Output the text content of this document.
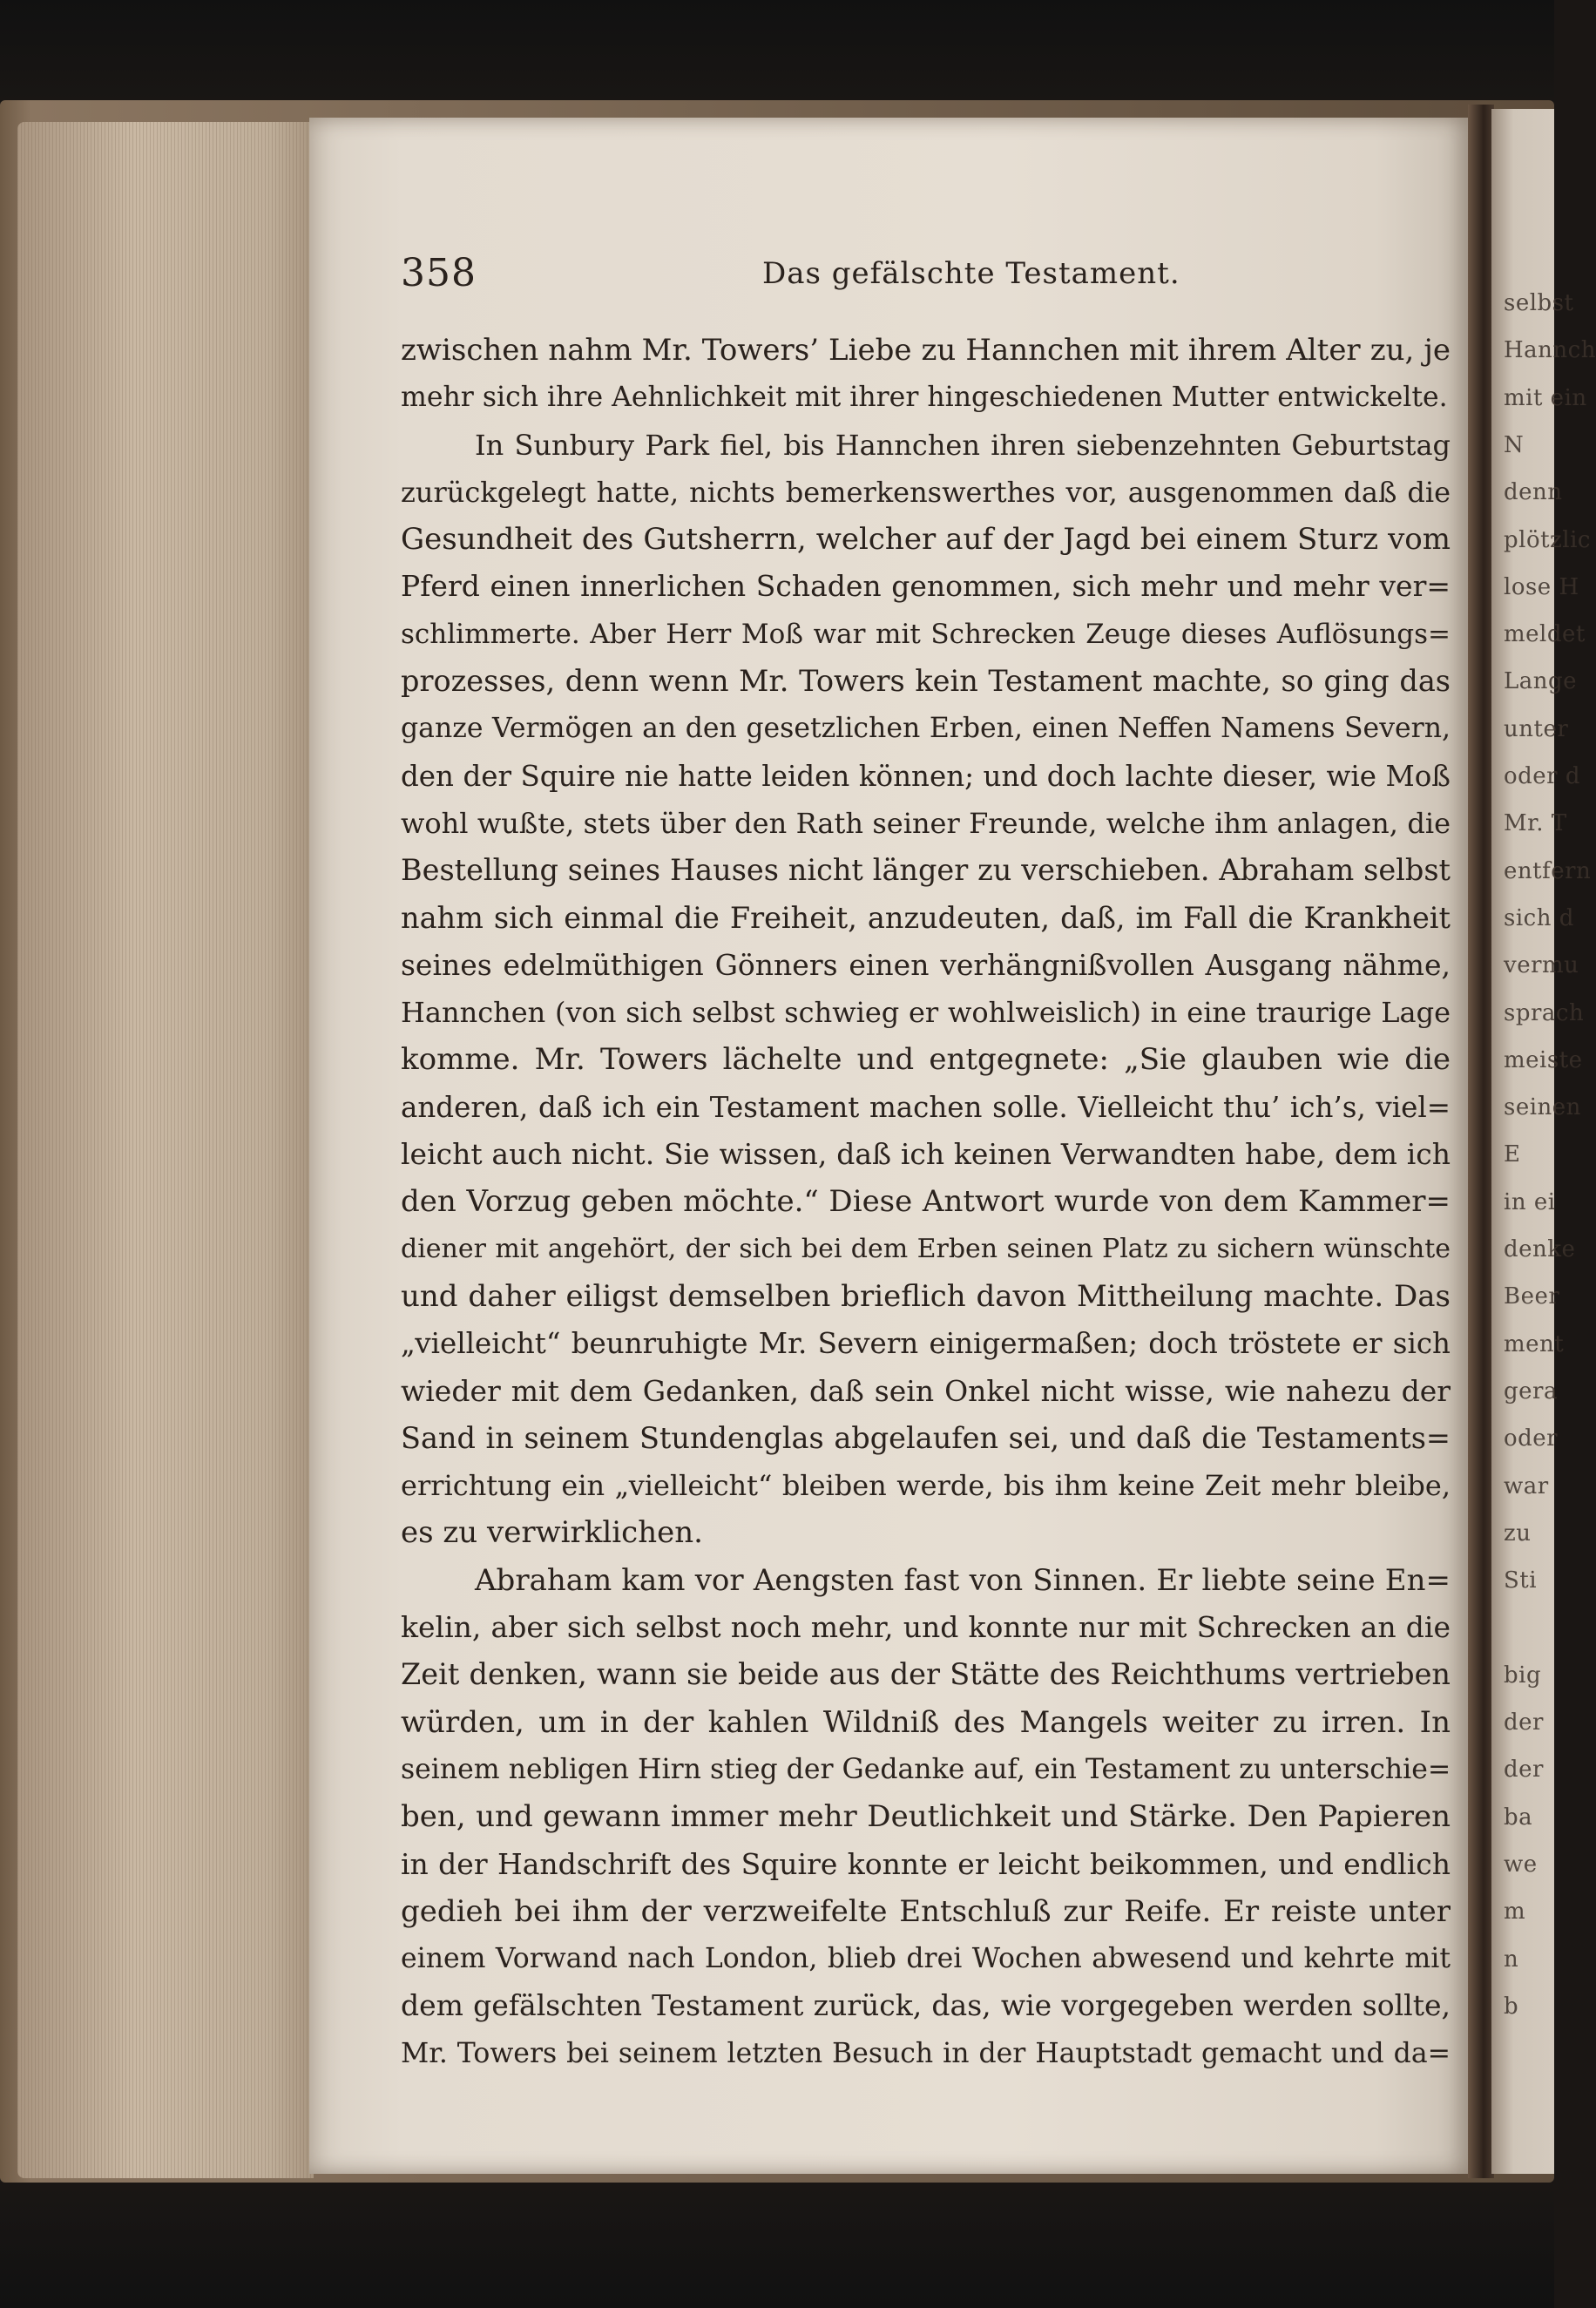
selbst
Hannch
mit ein
N
denn
plötzlic
lose H
meldet
Lange
unter
oder d
Mr. T
entfern
sich d
vermu
sprach
meiste
seinen
E
in ei
denke
Beer
ment
gera
oder
war
zu
Sti
big
der
der
ba
we
m
n
b
358	Das gefälschte Testament.
zwischen nahm Mr. Towers’ Liebe zu Hannchen mit ihrem Alter zu, je
mehr sich ihre Aehnlichkeit mit ihrer hingeschiedenen Mutter entwickelte.
In Sunbury Park fiel, bis Hannchen ihren siebenzehnten Geburtstag
zurückgelegt hatte, nichts bemerkenswerthes vor, ausgenommen daß die
Gesundheit des Gutsherrn, welcher auf der Jagd bei einem Sturz vom
Pferd einen innerlichen Schaden genommen, sich mehr und mehr ver=
schlimmerte. Aber Herr Moß war mit Schrecken Zeuge dieses Auflösungs=
prozesses, denn wenn Mr. Towers kein Testament machte, so ging das
ganze Vermögen an den gesetzlichen Erben, einen Neffen Namens Severn,
den der Squire nie hatte leiden können; und doch lachte dieser, wie Moß
wohl wußte, stets über den Rath seiner Freunde, welche ihm anlagen, die
Bestellung seines Hauses nicht länger zu verschieben. Abraham selbst
nahm sich einmal die Freiheit, anzudeuten, daß, im Fall die Krankheit
seines edelmüthigen Gönners einen verhängnißvollen Ausgang nähme,
Hannchen (von sich selbst schwieg er wohlweislich) in eine traurige Lage
komme. Mr. Towers lächelte und entgegnete: „Sie glauben wie die
anderen, daß ich ein Testament machen solle. Vielleicht thu’ ich’s, viel=
leicht auch nicht. Sie wissen, daß ich keinen Verwandten habe, dem ich
den Vorzug geben möchte.“ Diese Antwort wurde von dem Kammer=
diener mit angehört, der sich bei dem Erben seinen Platz zu sichern wünschte
und daher eiligst demselben brieflich davon Mittheilung machte. Das
„vielleicht“ beunruhigte Mr. Severn einigermaßen; doch tröstete er sich
wieder mit dem Gedanken, daß sein Onkel nicht wisse, wie nahezu der
Sand in seinem Stundenglas abgelaufen sei, und daß die Testaments=
errichtung ein „vielleicht“ bleiben werde, bis ihm keine Zeit mehr bleibe,
es zu verwirklichen.
Abraham kam vor Aengsten fast von Sinnen. Er liebte seine En=
kelin, aber sich selbst noch mehr, und konnte nur mit Schrecken an die
Zeit denken, wann sie beide aus der Stätte des Reichthums vertrieben
würden, um in der kahlen Wildniß des Mangels weiter zu irren. In
seinem nebligen Hirn stieg der Gedanke auf, ein Testament zu unterschie=
ben, und gewann immer mehr Deutlichkeit und Stärke. Den Papieren
in der Handschrift des Squire konnte er leicht beikommen, und endlich
gedieh bei ihm der verzweifelte Entschluß zur Reife. Er reiste unter
einem Vorwand nach London, blieb drei Wochen abwesend und kehrte mit
dem gefälschten Testament zurück, das, wie vorgegeben werden sollte,
Mr. Towers bei seinem letzten Besuch in der Hauptstadt gemacht und da=
